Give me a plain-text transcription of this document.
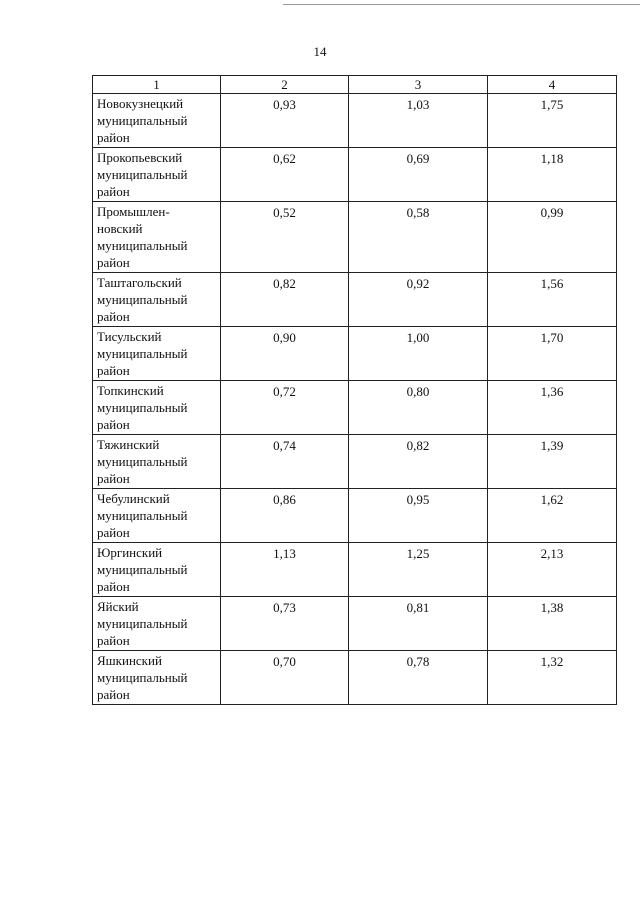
14
1	2	3	4

Новокузнецкий
муниципальный
район	0,93	1,03	1,75

Прокопьевский
муниципальный
район	0,62	0,69	1,18

Промышлен-
новский
муниципальный
район	0,52	0,58	0,99

Таштагольский
муниципальный
район	0,82	0,92	1,56

Тисульский
муниципальный
район	0,90	1,00	1,70

Топкинский
муниципальный
район	0,72	0,80	1,36

Тяжинский
муниципальный
район	0,74	0,82	1,39

Чебулинский
муниципальный
район	0,86	0,95	1,62

Юргинский
муниципальный
район	1,13	1,25	2,13

Яйский
муниципальный
район	0,73	0,81	1,38

Яшкинский
муниципальный
район	0,70	0,78	1,32
